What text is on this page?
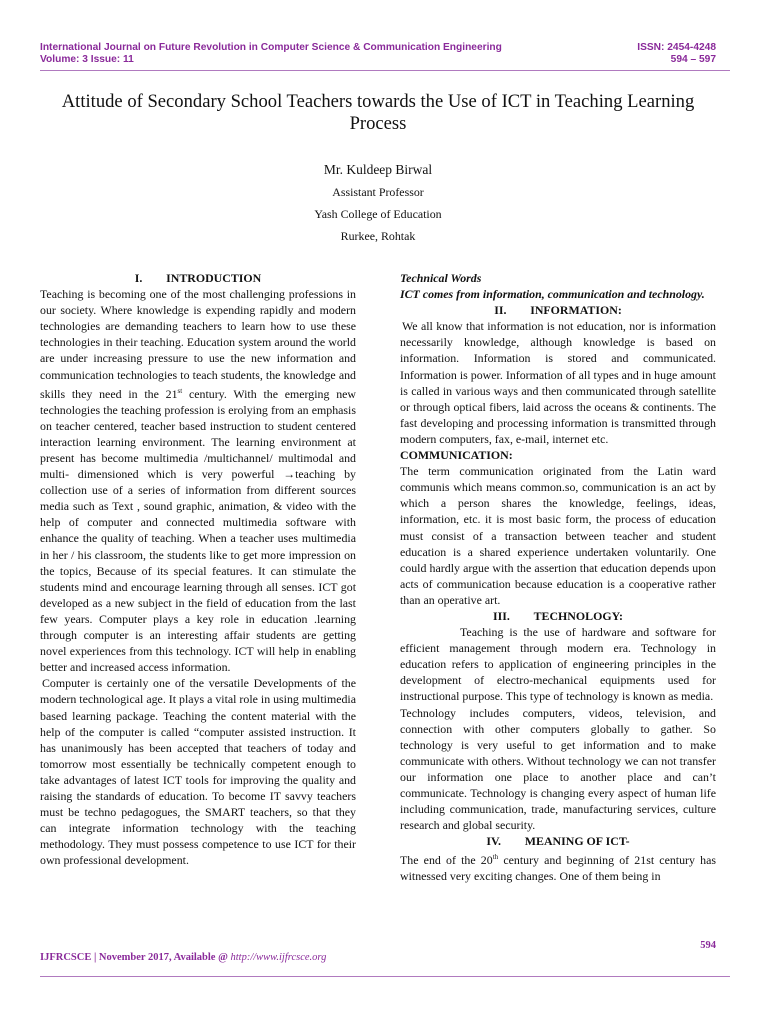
International Journal on Future Revolution in Computer Science & Communication Engineering
Volume: 3 Issue: 11
ISSN: 2454-4248
594 – 597
Attitude of Secondary School Teachers towards the Use of ICT in Teaching Learning Process
Mr. Kuldeep Birwal
Assistant Professor
Yash College of Education
Rurkee, Rohtak

I.        INTRODUCTION

Teaching is becoming one of the most challenging professions in our society. Where knowledge is expending rapidly and modern technologies are demanding teachers to learn how to use these technologies in their teaching. Education system around the world are under increasing pressure to use the new information and communication technologies to teach students, the knowledge and skills they need in the 21st century. With the emerging new technologies the teaching profession is erolying from an emphasis on teacher centered, teacher based instruction to student centered interaction learning environment. The learning environment at present has become multimedia /multichannel/ multimodal and multi- dimensioned which is very powerful →teaching by collection use of a series of information from different sources media such as Text , sound graphic, animation, & video with the help of computer and connected multimedia software with enhance the quality of teaching. When a teacher uses multimedia in her / his classroom, the students like to get more impression on the topics, Because of its special features. It can stimulate the students mind and encourage learning through all senses. ICT got developed as a new subject in the field of education from the last few years. Computer plays a key role in education .learning through computer is an interesting affair students are getting novel experiences from this technology. ICT will help in enabling better and increased access information.

Computer is certainly one of the versatile Developments of the modern technological age. It plays a vital role in using multimedia based learning package. Teaching the content material with the help of the computer is called “computer assisted instruction. It has unanimously has been accepted that teachers of today and tomorrow most essentially be technically competent enough to take advantages of latest ICT tools for improving the quality and raising the standards of education. To become IT savvy teachers must be techno pedagogues, the SMART teachers, so that they can integrate information technology with the teaching methodology. They must possess competence to use ICT for their own professional development.

Technical Words

ICT comes from information, communication and technology.

II.        INFORMATION:

We all know that information is not education, nor is information necessarily knowledge, although knowledge is based on information. Information is stored and communicated. Information is power. Information of all types and in huge amount is called in various ways and then communicated through satellite or through optical fibers, laid across the oceans & continents. The fast developing and processing information is transmitted through modern computers, fax, e-mail, internet etc.

COMMUNICATION:

The term communication originated from the Latin ward communis which means common.so, communication is an act by which a person shares the knowledge, feelings, ideas, information, etc. it is most basic form, the process of education must consist of a transaction between teacher and student education is a shared experience undertaken voluntarily. One could hardly argue with the assertion that education depends upon acts of communication because education is a cooperative rather than an operative art.

III.        TECHNOLOGY:

Teaching is the use of hardware and software for efficient management through modern era. Technology in education refers to application of engineering principles in the development of electro-mechanical equipments used for instructional purpose. This type of technology is known as media.

Technology includes computers, videos, television, and connection with other computers globally to gather. So technology is very useful to get information and to make communicate with others. Without technology we can not transfer our information one place to another place and can’t communicate. Technology is changing every aspect of human life including communication, trade, manufacturing services, culture research and global security.

IV.        MEANING OF ICT-

The end of the 20th century and beginning of 21st century has witnessed very exciting changes. One of them being in

594
IJFRCSCE | November 2017, Available @ http://www.ijfrcsce.org
